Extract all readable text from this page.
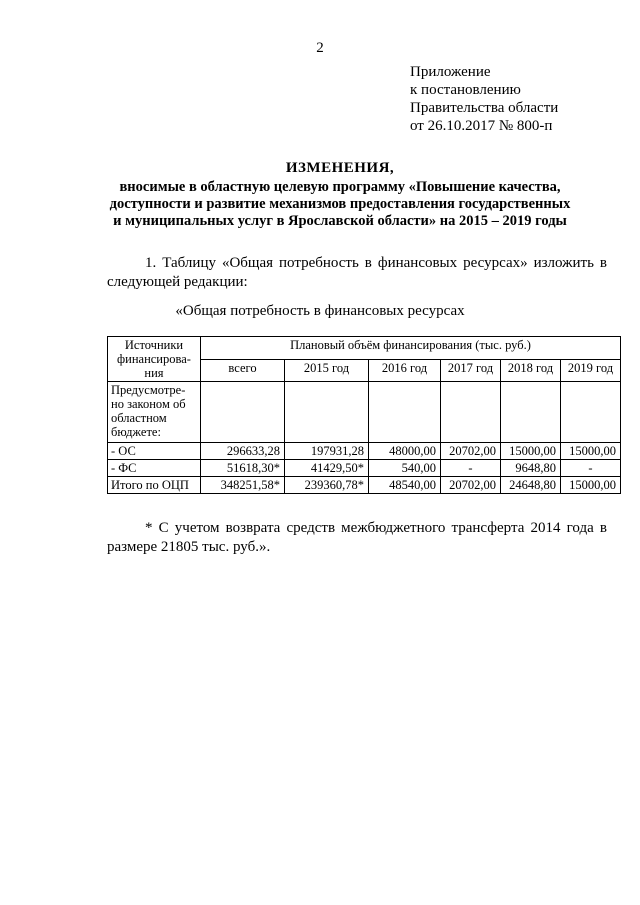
2
Приложение
к постановлению
Правительства области
от 26.10.2017 № 800-п
ИЗМЕНЕНИЯ,
вносимые в областную целевую программу «Повышение качества,
доступности и развитие механизмов предоставления государственных
и муниципальных услуг в Ярославской области» на 2015 – 2019 годы
1. Таблицу «Общая потребность в финансовых ресурсах» изложить в следующей редакции:
«Общая потребность в финансовых ресурсах
Источники финансирова-ния	Плановый объём финансирования (тыс. руб.)					
	всего	2015 год	2016 год	2017 год	2018 год	2019 год
Предусмотре-но законом об областном бюджете:						
- ОС	296633,28	197931,28	48000,00	20702,00	15000,00	15000,00
- ФС	51618,30*	41429,50*	540,00	-	9648,80	-
Итого по ОЦП	348251,58*	239360,78*	48540,00	20702,00	24648,80	15000,00
* С учетом возврата средств межбюджетного трансферта 2014 года в размере 21805 тыс. руб.».
